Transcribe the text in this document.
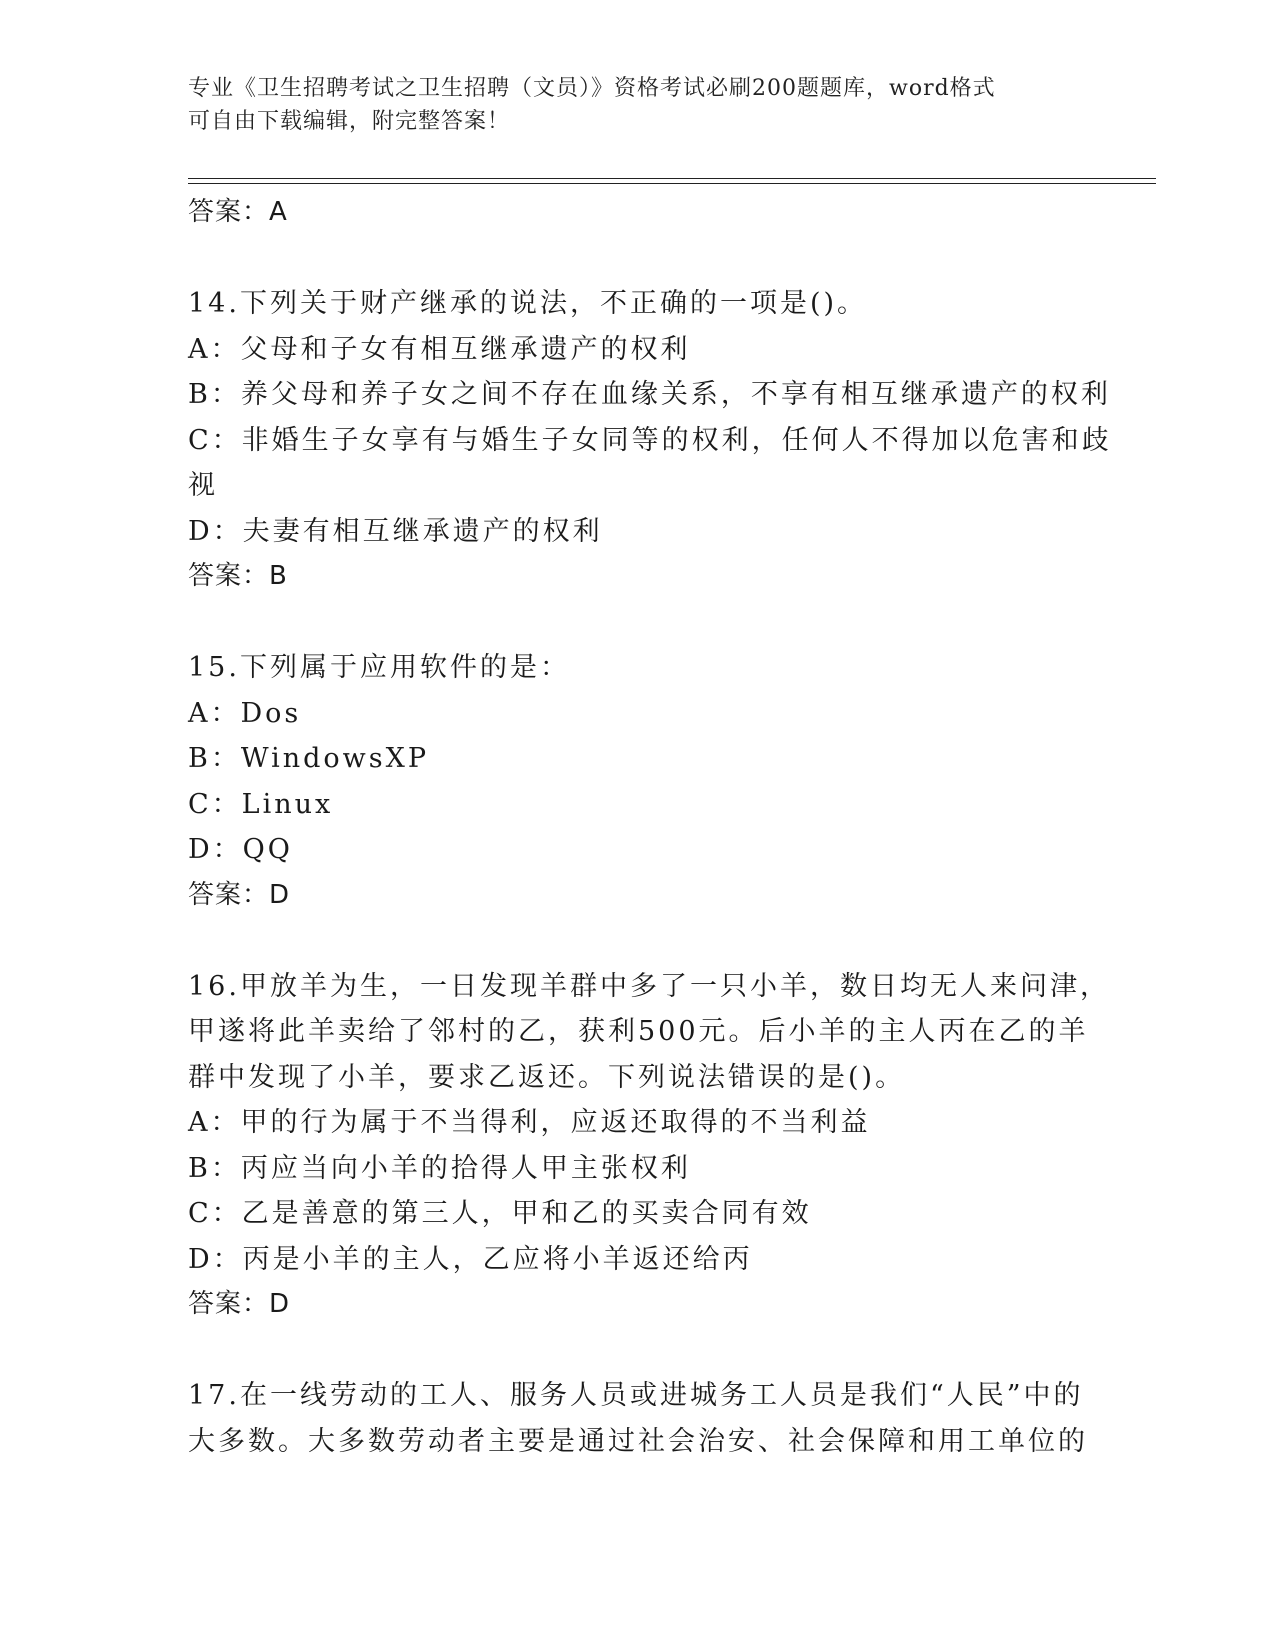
专业《卫生招聘考试之卫生招聘（文员）》资格考试必刷200题题库，word格式
可自由下载编辑，附完整答案！
答案：A
14.下列关于财产继承的说法，不正确的一项是()。
A：父母和子女有相互继承遗产的权利
B：养父母和养子女之间不存在血缘关系，不享有相互继承遗产的权利
C：非婚生子女享有与婚生子女同等的权利，任何人不得加以危害和歧
视
D：夫妻有相互继承遗产的权利
答案：B
15.下列属于应用软件的是：
A：Dos
B：WindowsXP
C：Linux
D：QQ
答案：D
16.甲放羊为生，一日发现羊群中多了一只小羊，数日均无人来问津，
甲遂将此羊卖给了邻村的乙，获利500元。后小羊的主人丙在乙的羊
群中发现了小羊，要求乙返还。下列说法错误的是()。
A：甲的行为属于不当得利，应返还取得的不当利益
B：丙应当向小羊的拾得人甲主张权利
C：乙是善意的第三人，甲和乙的买卖合同有效
D：丙是小羊的主人，乙应将小羊返还给丙
答案：D
17.在一线劳动的工人、服务人员或进城务工人员是我们“人民”中的
大多数。大多数劳动者主要是通过社会治安、社会保障和用工单位的
